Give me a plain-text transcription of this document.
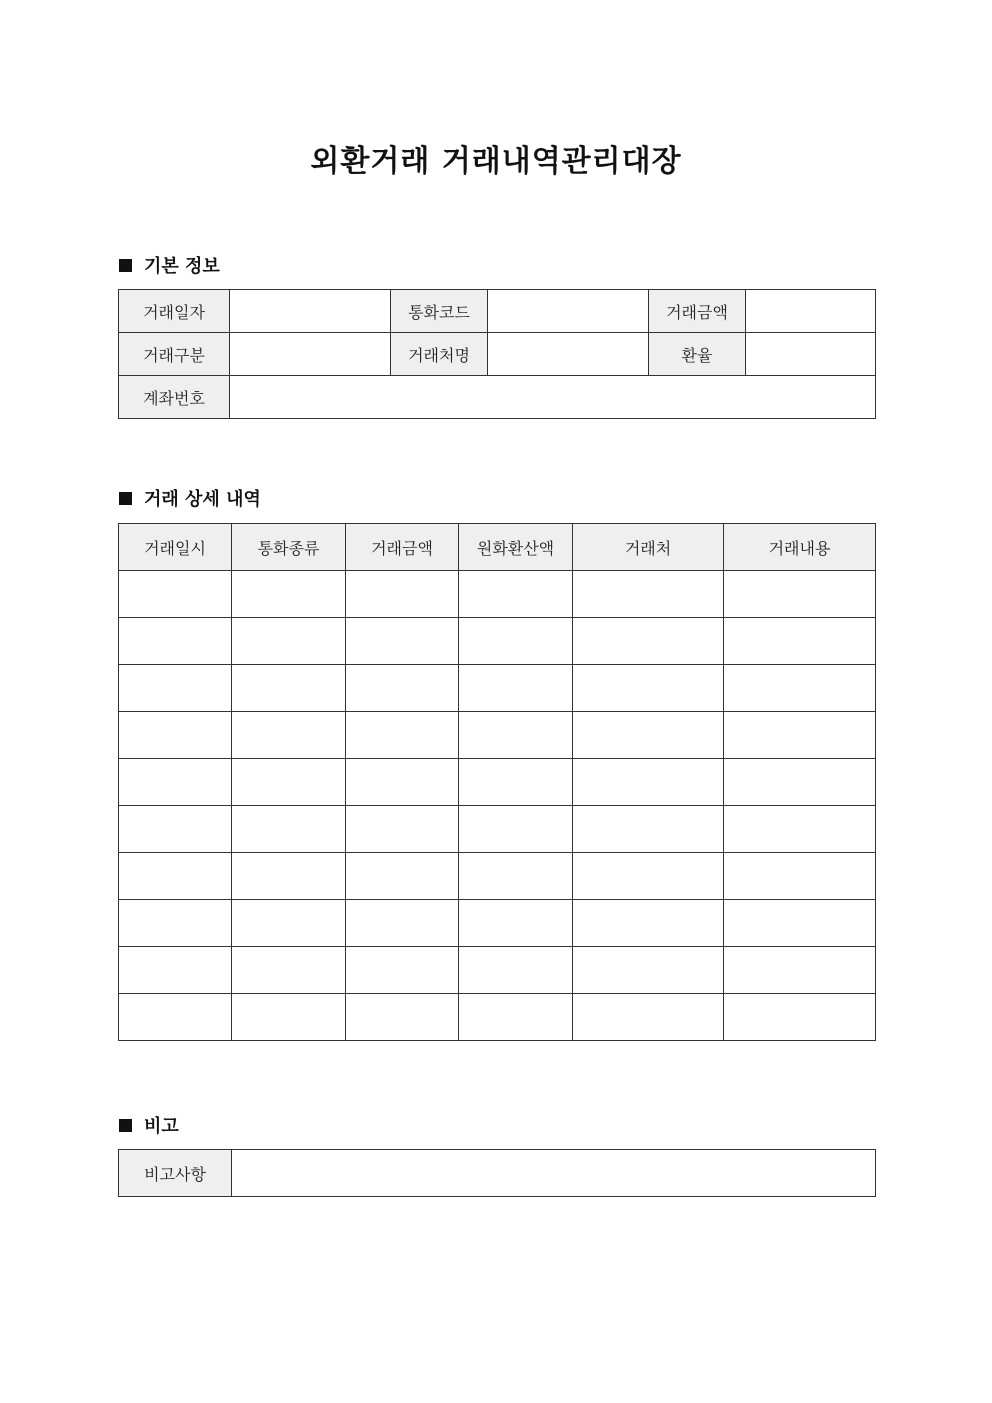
외환거래 거래내역관리대장
기본 정보
거래일자		통화코드		거래금액	
거래구분		거래처명		환율	
계좌번호					
거래 상세 내역
거래일시	통화종류	거래금액	원화환산액	거래처	거래내용

비고
비고사항	
